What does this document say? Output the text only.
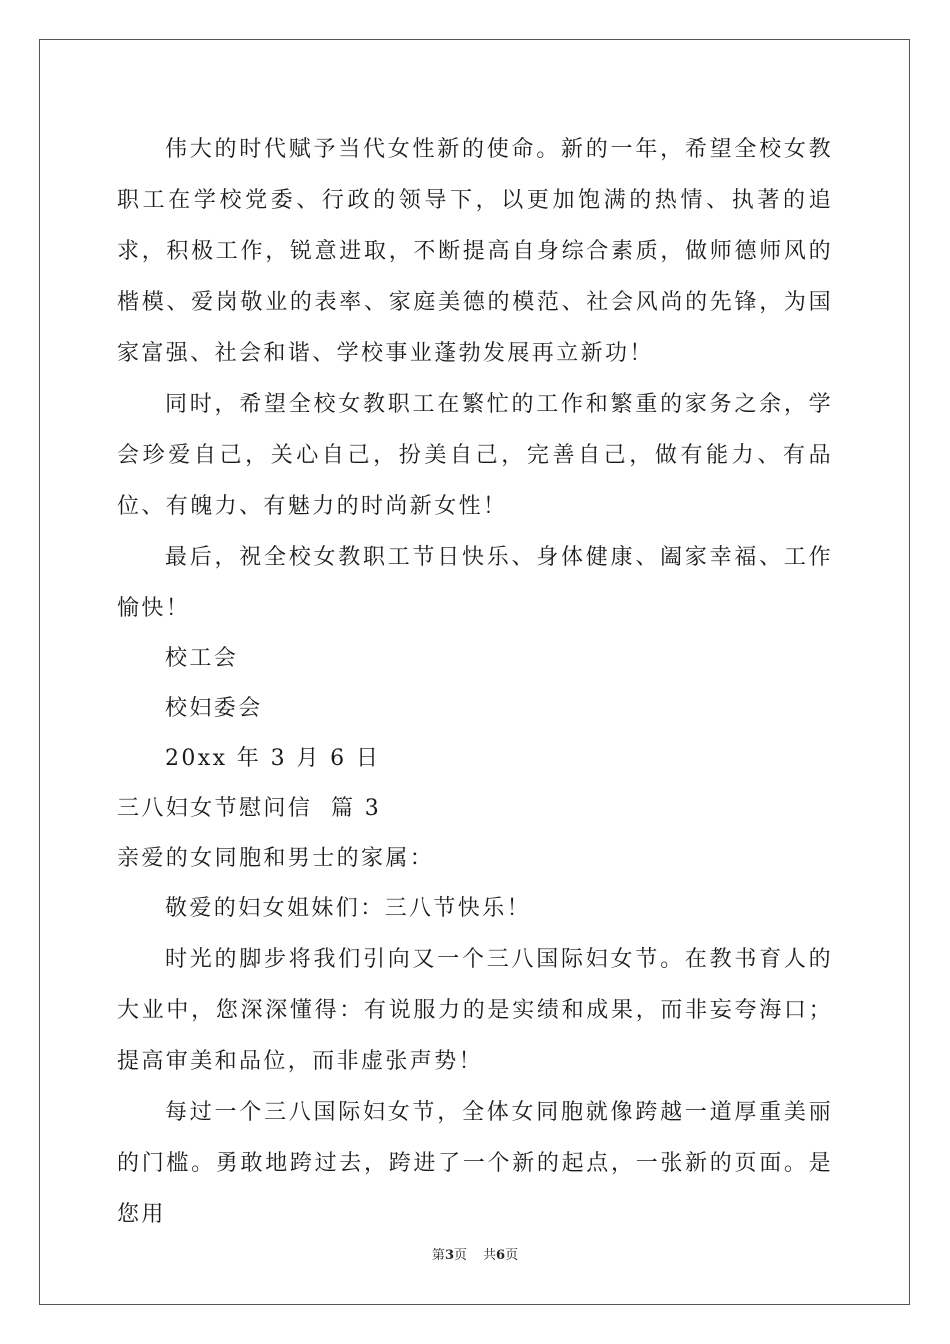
伟大的时代赋予当代女性新的使命。新的一年，希望全校女教职工在学校党委、行政的领导下，以更加饱满的热情、执著的追求，积极工作，锐意进取，不断提高自身综合素质，做师德师风的楷模、爱岗敬业的表率、家庭美德的模范、社会风尚的先锋，为国家富强、社会和谐、学校事业蓬勃发展再立新功！

同时，希望全校女教职工在繁忙的工作和繁重的家务之余，学会珍爱自己，关心自己，扮美自己，完善自己，做有能力、有品位、有魄力、有魅力的时尚新女性！

最后，祝全校女教职工节日快乐、身体健康、阖家幸福、工作愉快！

校工会

校妇委会

20xx 年 3 月 6 日

三八妇女节慰问信  篇 3

亲爱的女同胞和男士的家属：

敬爱的妇女姐妹们：三八节快乐！

时光的脚步将我们引向又一个三八国际妇女节。在教书育人的大业中，您深深懂得：有说服力的是实绩和成果，而非妄夸海口；提高审美和品位，而非虚张声势！

每过一个三八国际妇女节，全体女同胞就像跨越一道厚重美丽的门槛。勇敢地跨过去，跨进了一个新的起点，一张新的页面。是您用

第3页 共6页
